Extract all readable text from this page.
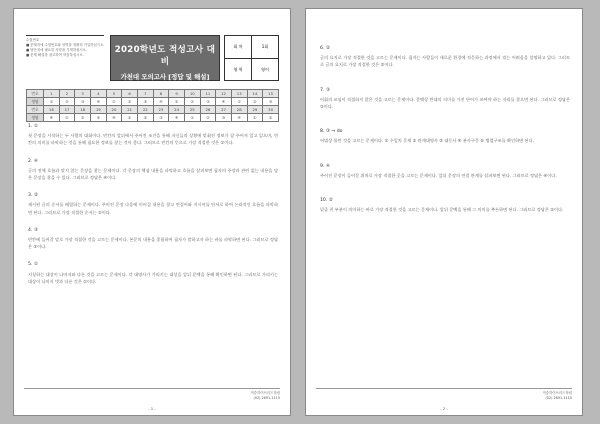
수험번호
■ 문제지에 수험번호와 성명을 정확히 기입하십시오.
■ 답안지에 필요한 사항을 기재하십시오.
■ 문제 해설을 참고하여 학습하십시오.	2020학년도 적성고사 대비
가천대 모의고사 [정답 및 해설]
회 차	1회
영 역	영어
번호	1	2	3	4	5	6	7	8	9	10	11	12	13	14	15
정답	①	②	③	④	①	②	③	④	①	②	③	④	①	②	③
번호	16	17	18	19	20	21	22	23	24	25	26	27	28	29	30
정답	④	①	②	③	④	①	②	③	④	①	②	③	④	①	②
1. ①

첫 문장을 시작하는 두 사람의 대화이다. 빈칸의 앞뒤에서 주어진 조건을 통해 자신들의 상황에 맞춰진 정보가 잘 주어져 있고 있으며, 빈칸의 의미를 파악하는 것을 통해 필요한 정보를 찾는 것이 좋다. 그러므로 빈칸의 뜻으로 가장 적절한 것은 ①이다.

2. ④

글의 전체 흐름과 맞지 않는 문장을 찾는 문제이다. 각 문장의 핵심 내용을 파악하고 흐름을 살펴보면 필자의 주장과 관련 없는 내용을 담은 문장을 찾을 수 있다. 그러므로 정답은 ④이다.

3. ②

제시된 글의 순서를 배열하는 문제이다. 주어진 문장 다음에 이어질 내용을 찾고 연결어와 지시어를 단서로 하여 논리적인 흐름을 파악하면 된다. 그러므로 가장 적절한 순서는 ②이다.

4. ③

빈칸에 들어갈 말로 가장 적절한 것을 고르는 문제이다. 본문의 내용을 종합하여 필자가 말하고자 하는 바를 파악하면 된다. 그러므로 정답은 ③이다.

5. ①

지칭하는 대상이 나머지와 다른 것을 고르는 문제이다. 각 대명사가 가리키는 대상을 앞뒤 문맥을 통해 확인하면 된다. 그러므로 가리키는 대상이 나머지 넷과 다른 것은 ①이다.

적중하이브리드학원
(02) 2691-1115
- 1 -
6. ②

글의 요지로 가장 적절한 것을 고르는 문제이다. 필자는 사람들이 새로운 환경에 적응하는 과정에서 겪는 어려움을 설명하고 있다. 그러므로 글의 요지로 가장 적절한 것은 ②이다.

7. ③

어휘의 쓰임이 적절하지 않은 것을 고르는 문제이다. 문맥상 반대의 의미를 가진 단어가 쓰여야 하는 자리를 찾으면 된다. 그러므로 정답은 ③이다.

8. ③ → do

어법상 틀린 것을 고르는 문제이다. ① 수일치 문제 ② 관계대명사 ③ 대동사 ④ 분사구문 ⑤ 병렬구조를 확인하면 된다.

9. ④

주어진 문장이 들어갈 위치로 가장 적절한 곳을 고르는 문제이다. 앞뒤 문장의 연결 관계를 살펴보면 된다. 그러므로 정답은 ④이다.

10. ②

밑줄 친 부분이 의미하는 바로 가장 적절한 것을 고르는 문제이다. 앞뒤 문맥을 통해 그 의미를 추론하면 된다. 그러므로 정답은 ②이다.

적중하이브리드학원
(02) 2691-1115
- 2 -
